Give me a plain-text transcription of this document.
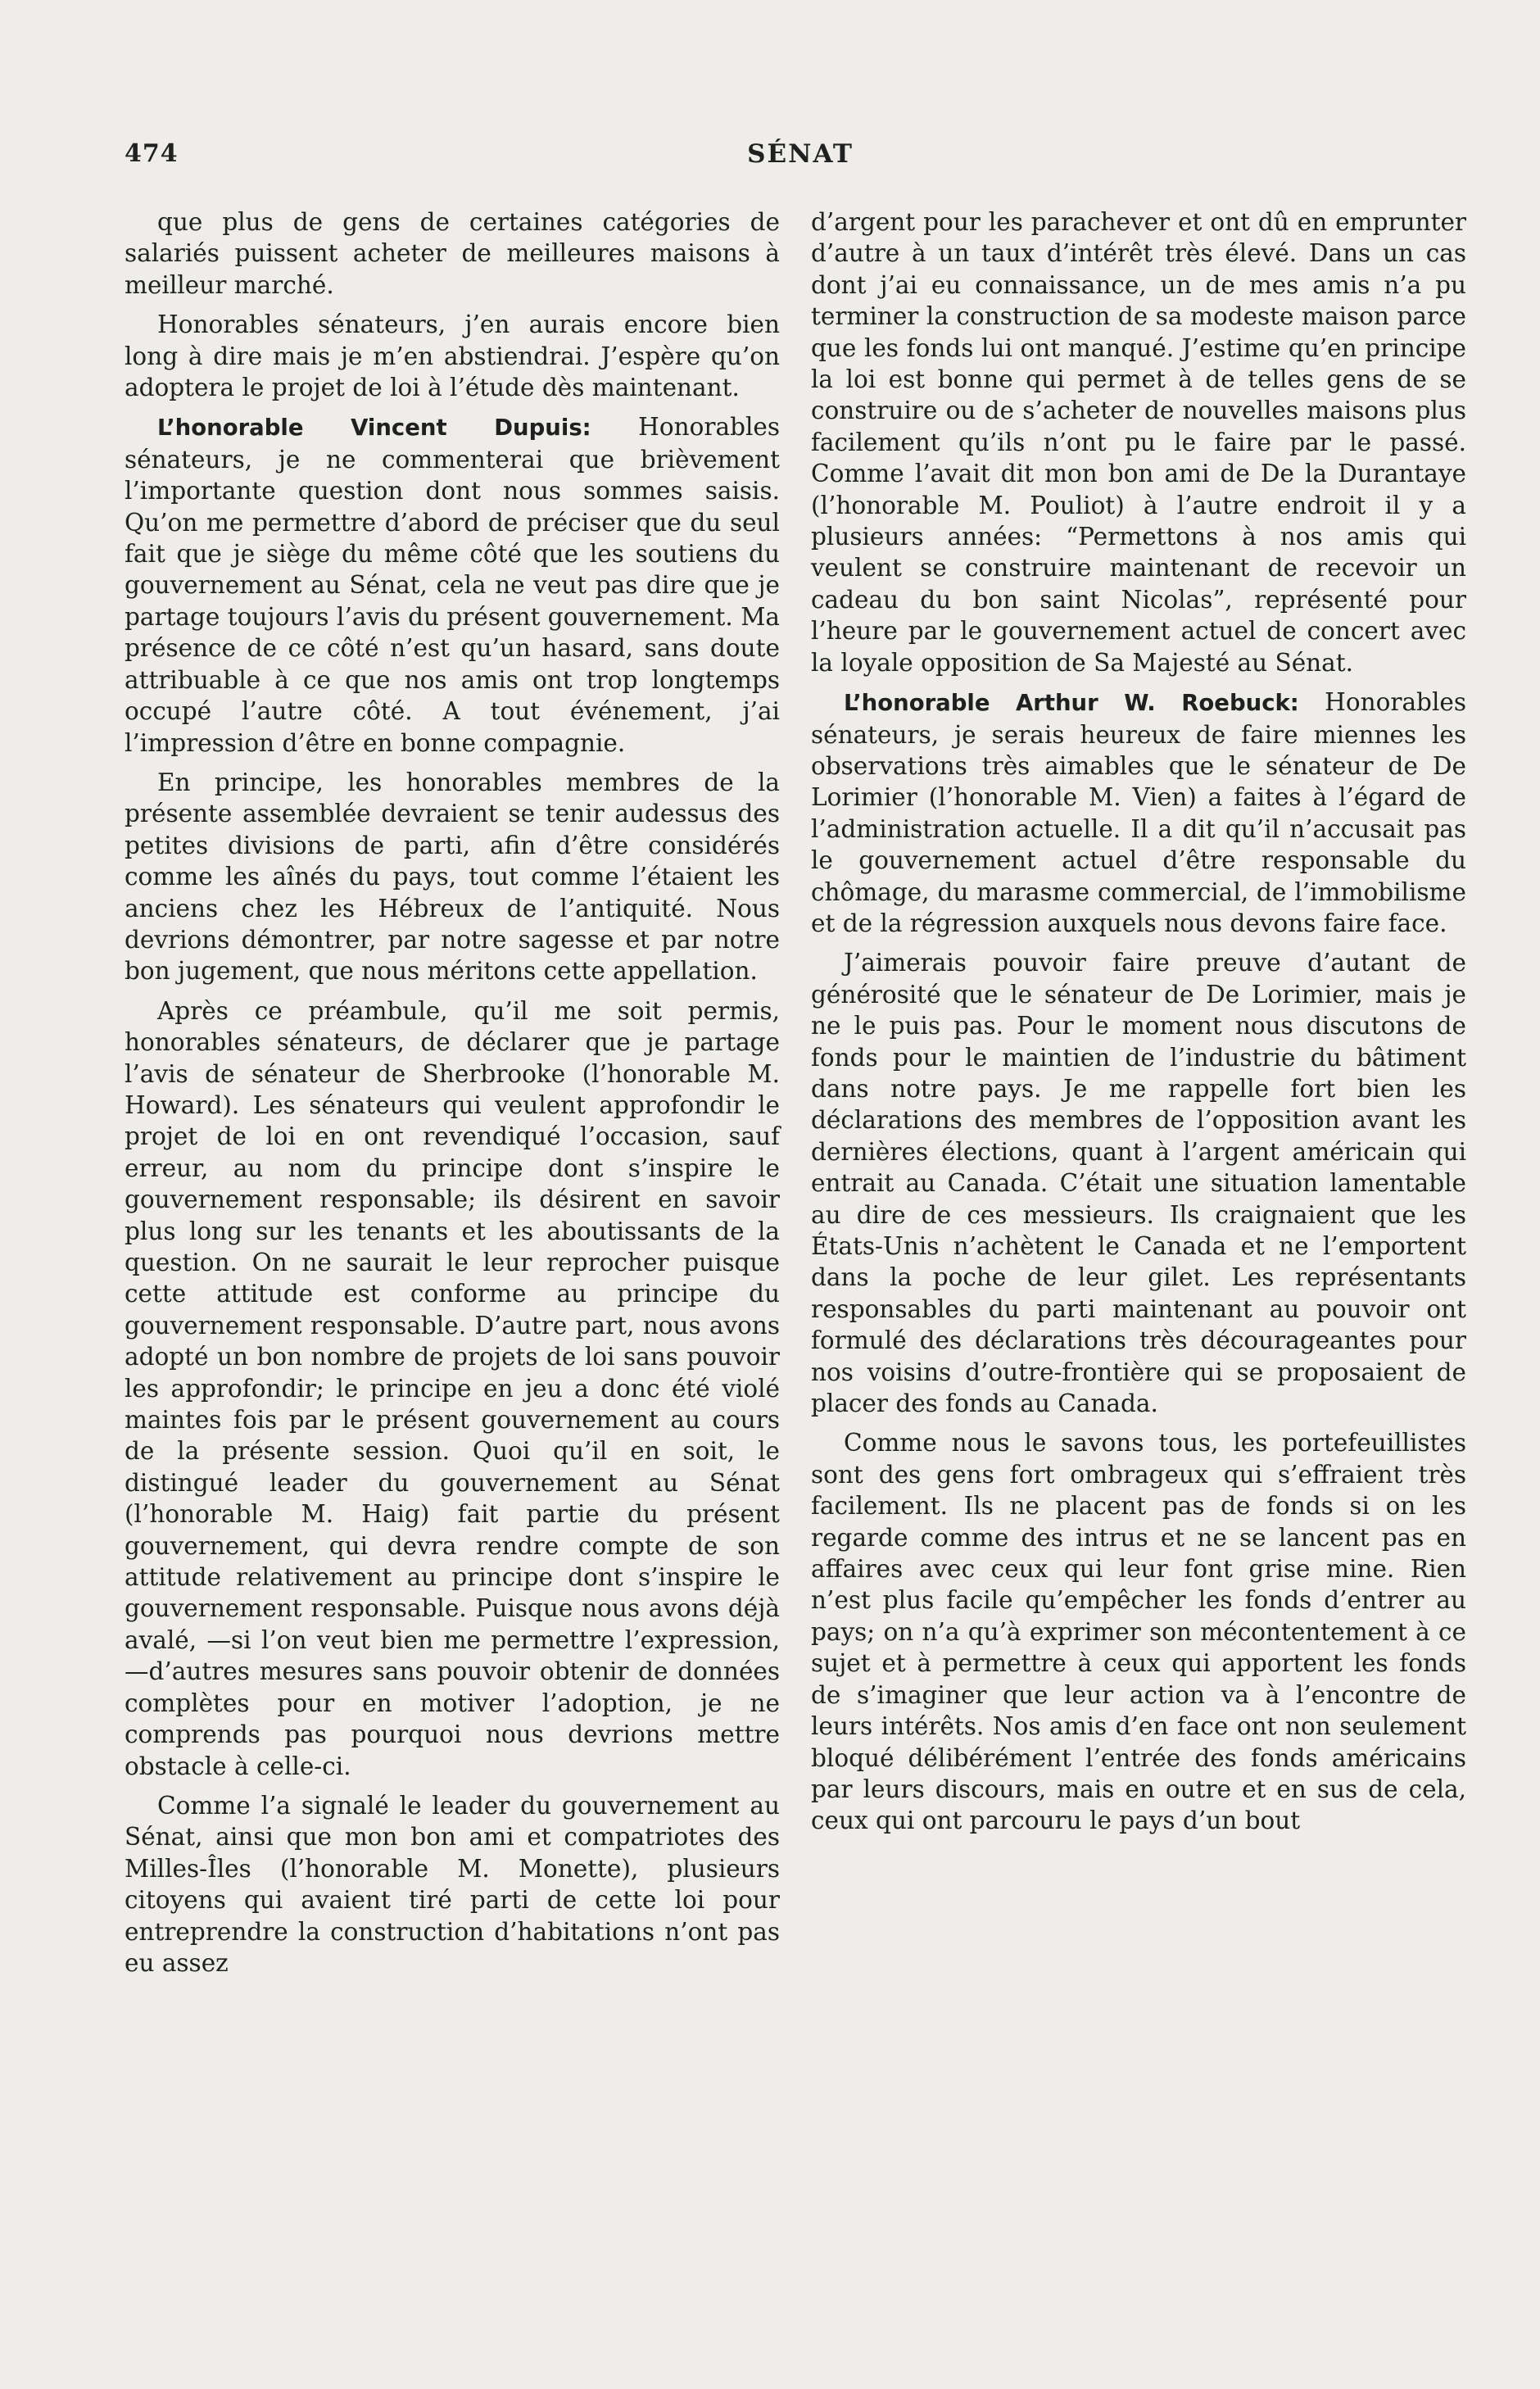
474	SÉNAT

que plus de gens de certaines catégories de salariés puissent acheter de meilleures maisons à meilleur marché.

Honorables sénateurs, j’en aurais encore bien long à dire mais je m’en abstiendrai. J’espère qu’on adoptera le projet de loi à l’étude dès maintenant.

L’honorable Vincent Dupuis: Honorables sénateurs, je ne commenterai que brièvement l’importante question dont nous sommes saisis. Qu’on me permettre d’abord de préciser que du seul fait que je siège du même côté que les soutiens du gouvernement au Sénat, cela ne veut pas dire que je partage toujours l’avis du présent gouvernement. Ma présence de ce côté n’est qu’un hasard, sans doute attribuable à ce que nos amis ont trop longtemps occupé l’autre côté. A tout événement, j’ai l’impression d’être en bonne compagnie.

En principe, les honorables membres de la présente assemblée devraient se tenir audessus des petites divisions de parti, afin d’être considérés comme les aînés du pays, tout comme l’étaient les anciens chez les Hébreux de l’antiquité. Nous devrions démontrer, par notre sagesse et par notre bon jugement, que nous méritons cette appellation.

Après ce préambule, qu’il me soit permis, honorables sénateurs, de déclarer que je partage l’avis de sénateur de Sherbrooke (l’honorable M. Howard). Les sénateurs qui veulent approfondir le projet de loi en ont revendiqué l’occasion, sauf erreur, au nom du principe dont s’inspire le gouvernement responsable; ils désirent en savoir plus long sur les tenants et les aboutissants de la question. On ne saurait le leur reprocher puisque cette attitude est conforme au principe du gouvernement responsable. D’autre part, nous avons adopté un bon nombre de projets de loi sans pouvoir les approfondir; le principe en jeu a donc été violé maintes fois par le présent gouvernement au cours de la présente session. Quoi qu’il en soit, le distingué leader du gouvernement au Sénat (l’honorable M. Haig) fait partie du présent gouvernement, qui devra rendre compte de son attitude relativement au principe dont s’inspire le gouvernement responsable. Puisque nous avons déjà avalé, —si l’on veut bien me permettre l’expression,—d’autres mesures sans pouvoir obtenir de données complètes pour en motiver l’adoption, je ne comprends pas pourquoi nous devrions mettre obstacle à celle-ci.

Comme l’a signalé le leader du gouvernement au Sénat, ainsi que mon bon ami et compatriotes des Milles-Îles (l’honorable M. Monette), plusieurs citoyens qui avaient tiré parti de cette loi pour entreprendre la construction d’habitations n’ont pas eu assez

d’argent pour les parachever et ont dû en emprunter d’autre à un taux d’intérêt très élevé. Dans un cas dont j’ai eu connaissance, un de mes amis n’a pu terminer la construction de sa modeste maison parce que les fonds lui ont manqué. J’estime qu’en principe la loi est bonne qui permet à de telles gens de se construire ou de s’acheter de nouvelles maisons plus facilement qu’ils n’ont pu le faire par le passé. Comme l’avait dit mon bon ami de De la Durantaye (l’honorable M. Pouliot) à l’autre endroit il y a plusieurs années: “Permettons à nos amis qui veulent se construire maintenant de recevoir un cadeau du bon saint Nicolas”, représenté pour l’heure par le gouvernement actuel de concert avec la loyale opposition de Sa Majesté au Sénat.

L’honorable Arthur W. Roebuck: Honorables sénateurs, je serais heureux de faire miennes les observations très aimables que le sénateur de De Lorimier (l’honorable M. Vien) a faites à l’égard de l’administration actuelle. Il a dit qu’il n’accusait pas le gouvernement actuel d’être responsable du chômage, du marasme commercial, de l’immobilisme et de la régression auxquels nous devons faire face.

J’aimerais pouvoir faire preuve d’autant de générosité que le sénateur de De Lorimier, mais je ne le puis pas. Pour le moment nous discutons de fonds pour le maintien de l’industrie du bâtiment dans notre pays. Je me rappelle fort bien les déclarations des membres de l’opposition avant les dernières élections, quant à l’argent américain qui entrait au Canada. C’était une situation lamentable au dire de ces messieurs. Ils craignaient que les États-Unis n’achètent le Canada et ne l’emportent dans la poche de leur gilet. Les représentants responsables du parti maintenant au pouvoir ont formulé des déclarations très décourageantes pour nos voisins d’outre-frontière qui se proposaient de placer des fonds au Canada.

Comme nous le savons tous, les portefeuillistes sont des gens fort ombrageux qui s’effraient très facilement. Ils ne placent pas de fonds si on les regarde comme des intrus et ne se lancent pas en affaires avec ceux qui leur font grise mine. Rien n’est plus facile qu’empêcher les fonds d’entrer au pays; on n’a qu’à exprimer son mécontentement à ce sujet et à permettre à ceux qui apportent les fonds de s’imaginer que leur action va à l’encontre de leurs intérêts. Nos amis d’en face ont non seulement bloqué délibérément l’entrée des fonds américains par leurs discours, mais en outre et en sus de cela, ceux qui ont parcouru le pays d’un bout
